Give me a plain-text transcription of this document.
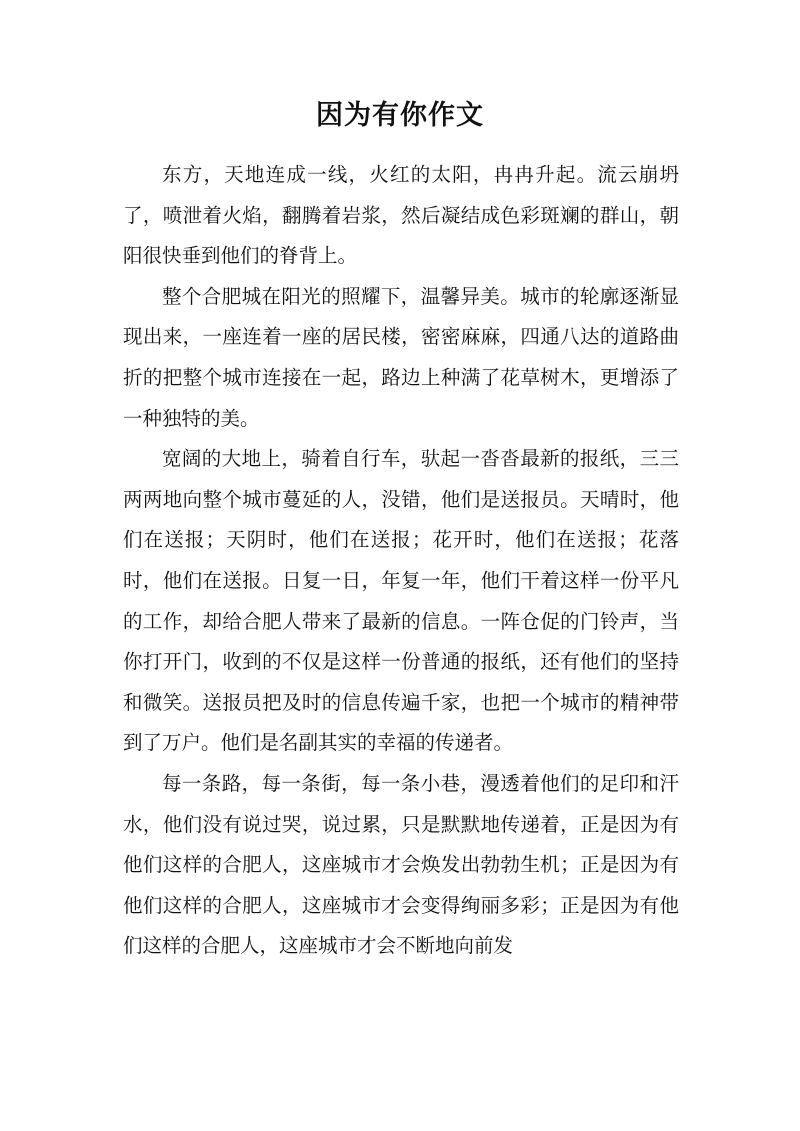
因为有你作文

东方，天地连成一线，火红的太阳，冉冉升起。流云崩坍了，喷泄着火焰，翻腾着岩浆，然后凝结成色彩斑斓的群山，朝阳很快垂到他们的脊背上。

整个合肥城在阳光的照耀下，温馨异美。城市的轮廓逐渐显现出来，一座连着一座的居民楼，密密麻麻，四通八达的道路曲折的把整个城市连接在一起，路边上种满了花草树木，更增添了一种独特的美。

宽阔的大地上，骑着自行车，驮起一沓沓最新的报纸，三三两两地向整个城市蔓延的人，没错，他们是送报员。天晴时，他们在送报；天阴时，他们在送报；花开时，他们在送报；花落时，他们在送报。日复一日，年复一年，他们干着这样一份平凡的工作，却给合肥人带来了最新的信息。一阵仓促的门铃声，当你打开门，收到的不仅是这样一份普通的报纸，还有他们的坚持和微笑。送报员把及时的信息传遍千家，也把一个城市的精神带到了万户。他们是名副其实的幸福的传递者。

每一条路，每一条街，每一条小巷，漫透着他们的足印和汗水，他们没有说过哭，说过累，只是默默地传递着，正是因为有他们这样的合肥人，这座城市才会焕发出勃勃生机；正是因为有他们这样的合肥人，这座城市才会变得绚丽多彩；正是因为有他们这样的合肥人，这座城市才会不断地向前发
